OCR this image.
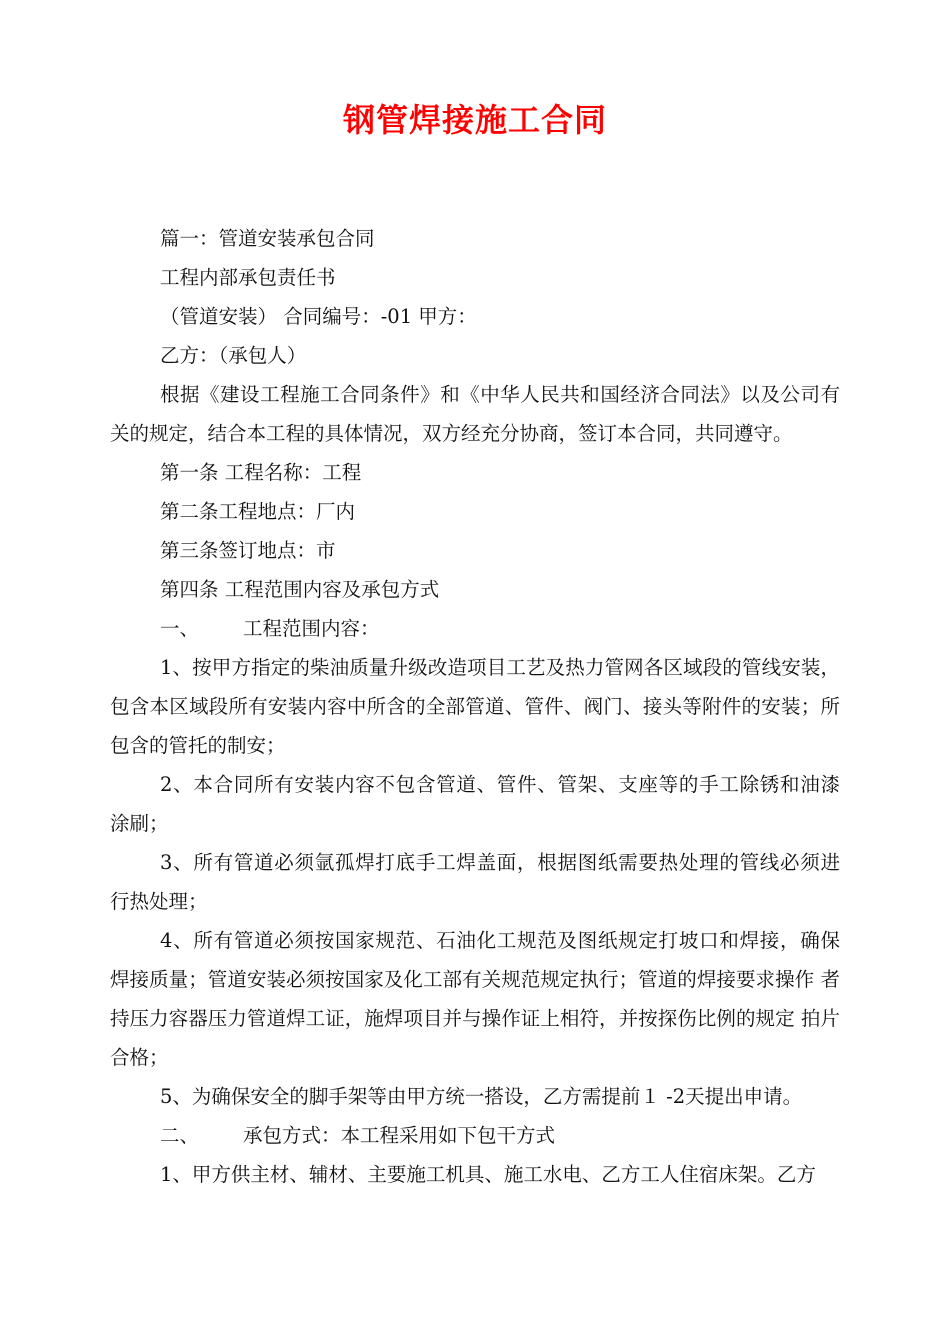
钢管焊接施工合同

篇一：管道安装承包合同

工程内部承包责任书

（管道安装） 合同编号：-01 甲方：

乙方：（承包人）

根据《建设工程施工合同条件》和《中华人民共和国经济合同法》以及公司有关的规定，结合本工程的具体情况，双方经充分协商，签订本合同，共同遵守。

第一条 工程名称：工程

第二条工程地点：厂内

第三条签订地点：市

第四条 工程范围内容及承包方式

一、 工程范围内容：

1、按甲方指定的柴油质量升级改造项目工艺及热力管网各区域段的管线安装，包含本区域段所有安装内容中所含的全部管道、管件、阀门、接头等附件的安装；所包含的管托的制安；

2、本合同所有安装内容不包含管道、管件、管架、支座等的手工除锈和油漆 涂刷；

3、所有管道必须氩孤焊打底手工焊盖面，根据图纸需要热处理的管线必须进 行热处理；

4、所有管道必须按国家规范、石油化工规范及图纸规定打坡口和焊接，确保 焊接质量；管道安装必须按国家及化工部有关规范规定执行；管道的焊接要求操作 者持压力容器压力管道焊工证，施焊项目并与操作证上相符，并按探伤比例的规定 拍片合格；

5、为确保安全的脚手架等由甲方统一搭设，乙方需提前１ -2天提出申请。

二、 承包方式：本工程采用如下包干方式

1、甲方供主材、辅材、主要施工机具、施工水电、乙方工人住宿床架。乙方
